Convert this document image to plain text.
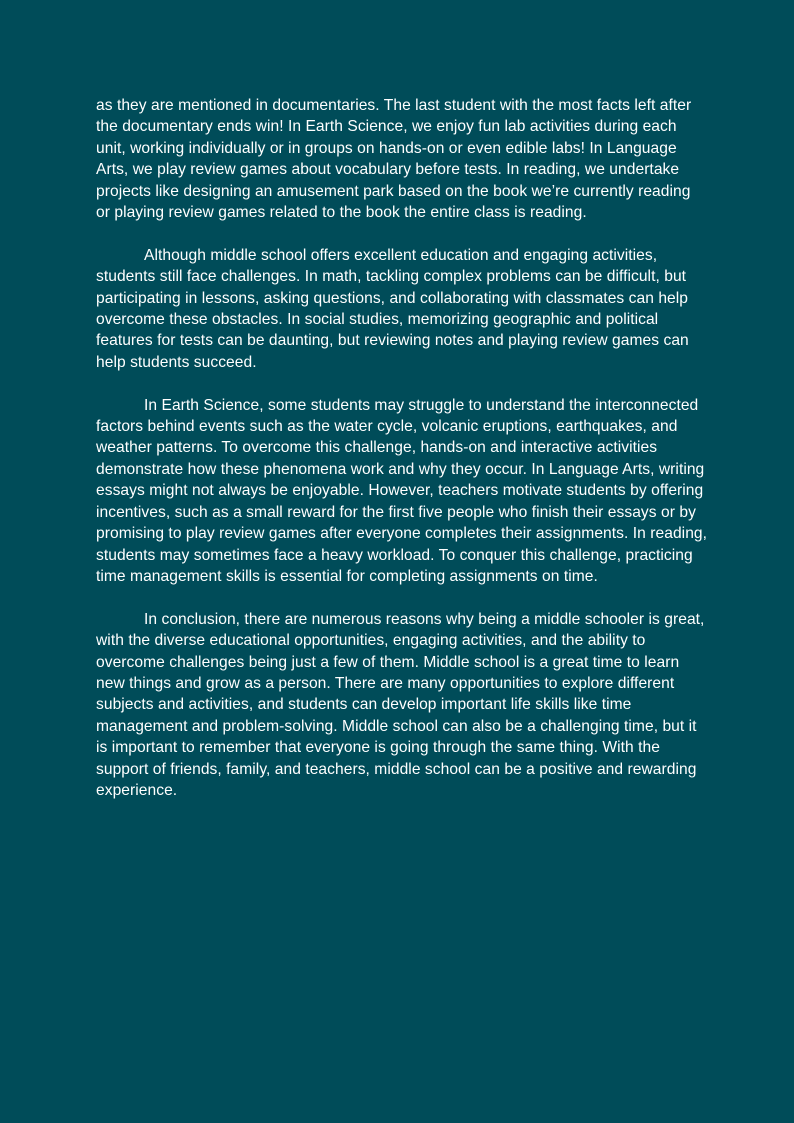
as they are mentioned in documentaries. The last student with the most facts left after the documentary ends win! In Earth Science, we enjoy fun lab activities during each unit, working individually or in groups on hands-on or even edible labs! In Language Arts, we play review games about vocabulary before tests. In reading, we undertake projects like designing an amusement park based on the book we’re currently reading or playing review games related to the book the entire class is reading.

Although middle school offers excellent education and engaging activities, students still face challenges. In math, tackling complex problems can be difficult, but participating in lessons, asking questions, and collaborating with classmates can help overcome these obstacles. In social studies, memorizing geographic and political features for tests can be daunting, but reviewing notes and playing review games can help students succeed.

In Earth Science, some students may struggle to understand the interconnected factors behind events such as the water cycle, volcanic eruptions, earthquakes, and weather patterns. To overcome this challenge, hands-on and interactive activities demonstrate how these phenomena work and why they occur. In Language Arts, writing essays might not always be enjoyable. However, teachers motivate students by offering incentives, such as a small reward for the first five people who finish their essays or by promising to play review games after everyone completes their assignments. In reading, students may sometimes face a heavy workload. To conquer this challenge, practicing time management skills is essential for completing assignments on time.

In conclusion, there are numerous reasons why being a middle schooler is great, with the diverse educational opportunities, engaging activities, and the ability to overcome challenges being just a few of them. Middle school is a great time to learn new things and grow as a person. There are many opportunities to explore different subjects and activities, and students can develop important life skills like time management and problem-solving. Middle school can also be a challenging time, but it is important to remember that everyone is going through the same thing. With the support of friends, family, and teachers, middle school can be a positive and rewarding experience.
